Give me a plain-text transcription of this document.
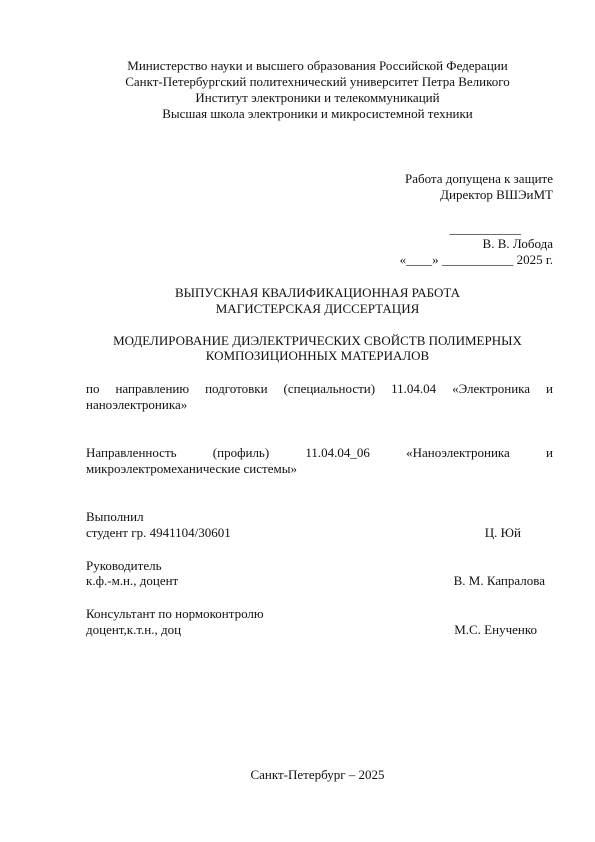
Министерство науки и высшего образования Российской Федерации

Санкт-Петербургский политехнический университет Петра Великого

Институт электроники и телекоммуникаций

Высшая школа электроники и микросистемной техники

Работа допущена к защите

Директор ВШЭиМТ

___________

В. В. Лобода

«____» ___________ 2025 г.

ВЫПУСКНАЯ КВАЛИФИКАЦИОННАЯ РАБОТА

МАГИСТЕРСКАЯ ДИССЕРТАЦИЯ

МОДЕЛИРОВАНИЕ ДИЭЛЕКТРИЧЕСКИХ СВОЙСТВ ПОЛИМЕРНЫХ

КОМПОЗИЦИОННЫХ МАТЕРИАЛОВ

по направлению подготовки (специальности) 11.04.04 «Электроника и

наноэлектроника»

Направленность (профиль) 11.04.04_06 «Наноэлектроника и

микроэлектромеханические системы»

Выполнил

студент гр. 4941104/30601	Ц. Юй

Руководитель

к.ф.-м.н., доцент	В. М. Капралова

Консультант по нормоконтролю

доцент,к.т.н., доц	М.С. Енученко

Санкт-Петербург – 2025
